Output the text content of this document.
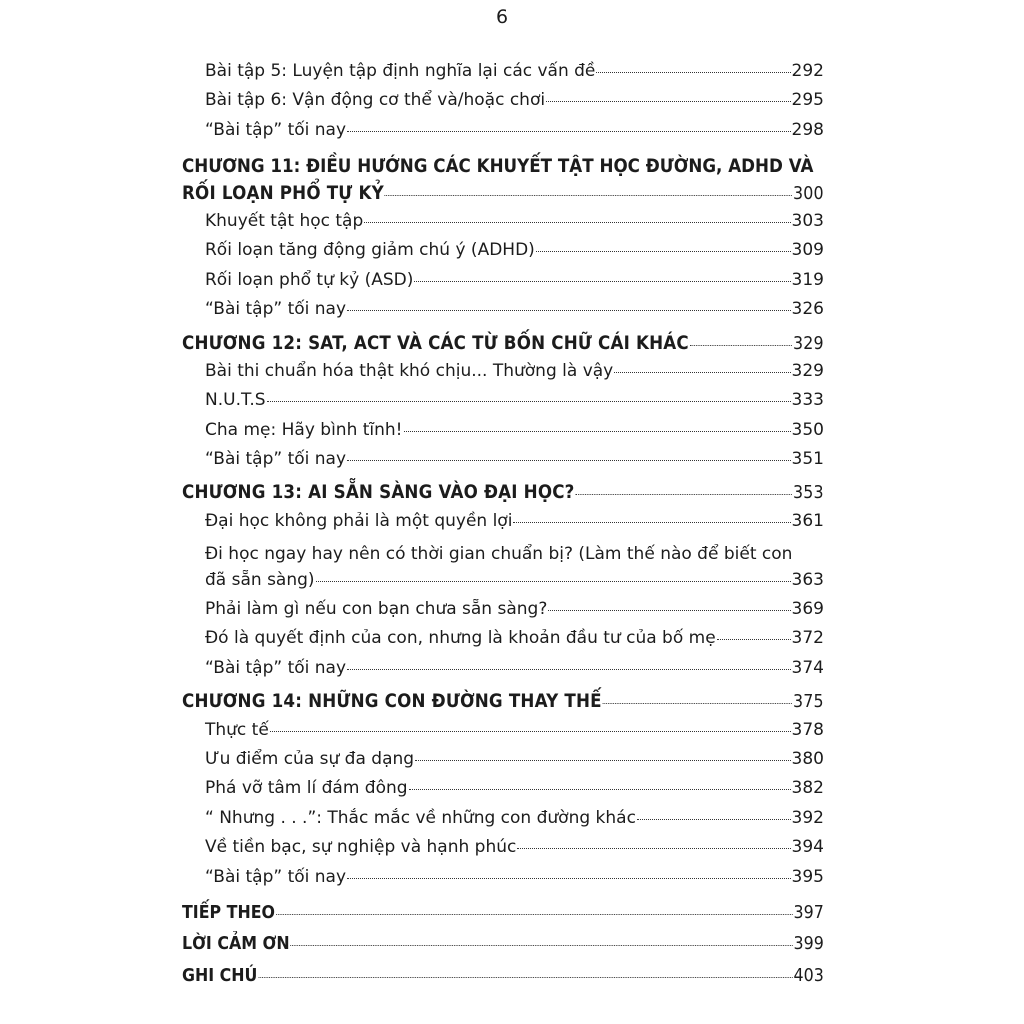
6
Bài tập 5: Luyện tập định nghĩa lại các vấn đề	292
Bài tập 6: Vận động cơ thể và/hoặc chơi	295
“Bài tập” tối nay	298
CHƯƠNG 11: ĐIỀU HƯỚNG CÁC KHUYẾT TẬT HỌC ĐƯỜNG, ADHD VÀ
RỐI LOẠN PHỔ TỰ KỶ	300
Khuyết tật học tập	303
Rối loạn tăng động giảm chú ý (ADHD)	309
Rối loạn phổ tự kỷ (ASD)	319
“Bài tập” tối nay	326
CHƯƠNG 12: SAT, ACT VÀ CÁC TỪ BỐN CHỮ CÁI KHÁC	329
Bài thi chuẩn hóa thật khó chịu... Thường là vậy	329
N.U.T.S	333
Cha mẹ: Hãy bình tĩnh!	350
“Bài tập” tối nay	351
CHƯƠNG 13: AI SẴN SÀNG VÀO ĐẠI HỌC?	353
Đại học không phải là một quyền lợi	361
Đi học ngay hay nên có thời gian chuẩn bị? (Làm thế nào để biết con
đã sẵn sàng)	363
Phải làm gì nếu con bạn chưa sẵn sàng?	369
Đó là quyết định của con, nhưng là khoản đầu tư của bố mẹ	372
“Bài tập” tối nay	374
CHƯƠNG 14: NHỮNG CON ĐƯỜNG THAY THẾ	375
Thực tế	378
Ưu điểm của sự đa dạng	380
Phá vỡ tâm lí đám đông	382
“ Nhưng . . .”: Thắc mắc về những con đường khác	392
Về tiền bạc, sự nghiệp và hạnh phúc	394
“Bài tập” tối nay	395
TIẾP THEO	397
LỜI CẢM ƠN	399
GHI CHÚ	403
